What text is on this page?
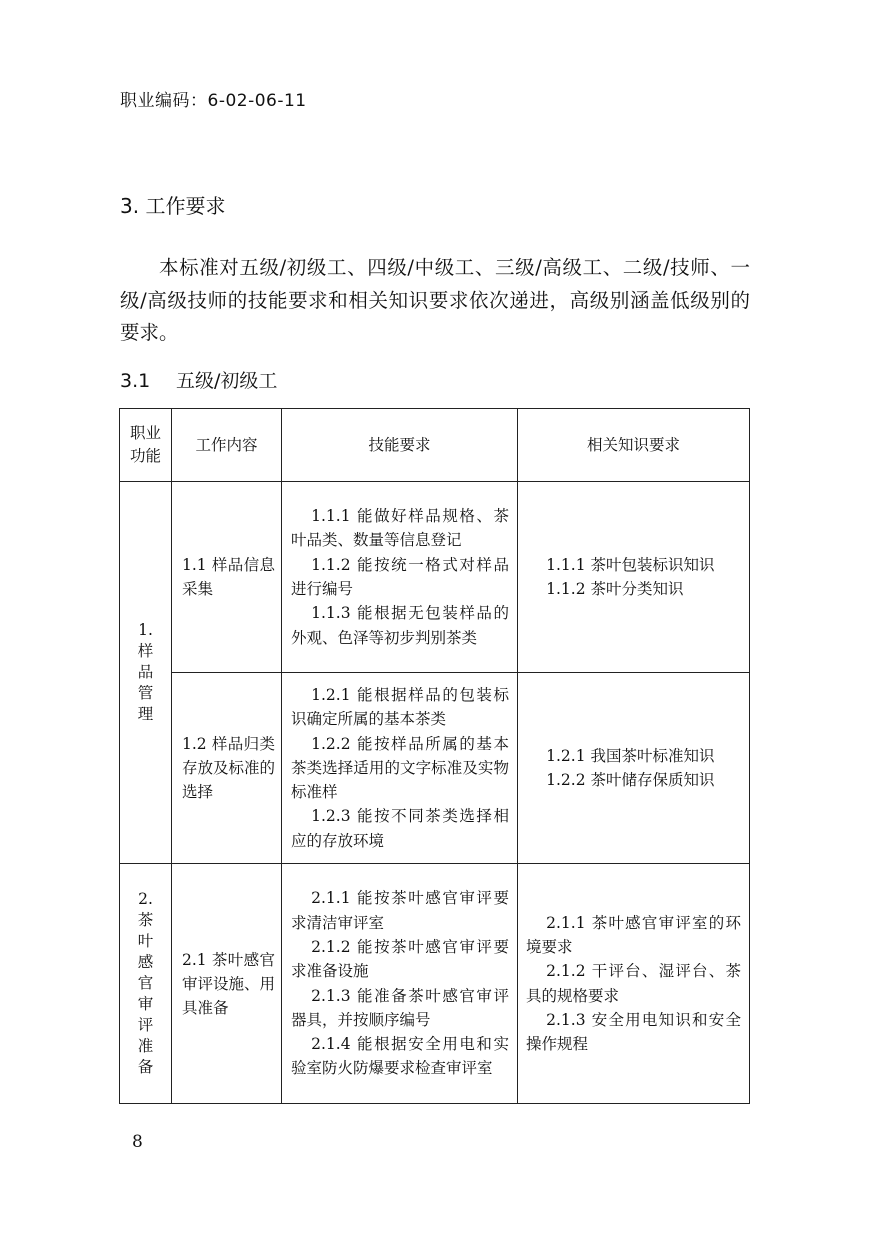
职业编码：6-02-06-11
3. 工作要求

本标准对五级/初级工、四级/中级工、三级/高级工、二级/技师、一级/高级技师的技能要求和相关知识要求依次递进，高级别涵盖低级别的要求。

3.1 五级/初级工
职业功能	工作内容	技能要求	相关知识要求
1.样品管理	1.1 样品信息采集	1.1.1 能做好样品规格、茶叶品类、数量等信息登记
1.1.2 能按统一格式对样品进行编号
1.1.3 能根据无包装样品的外观、色泽等初步判别茶类	1.1.1 茶叶包装标识知识
1.1.2 茶叶分类知识

	1.2 样品归类存放及标准的选择	1.2.1 能根据样品的包装标识确定所属的基本茶类
1.2.2 能按样品所属的基本茶类选择适用的文字标准及实物标准样
1.2.3 能按不同茶类选择相应的存放环境	1.2.1 我国茶叶标准知识
1.2.2 茶叶储存保质知识

2.茶叶感官审评准备	2.1 茶叶感官审评设施、用具准备	2.1.1 能按茶叶感官审评要求清洁审评室
2.1.2 能按茶叶感官审评要求准备设施
2.1.3 能准备茶叶感官审评器具，并按顺序编号
2.1.4 能根据安全用电和实验室防火防爆要求检查审评室	2.1.1 茶叶感官审评室的环境要求
2.1.2 干评台、湿评台、茶具的规格要求
2.1.3 安全用电知识和安全操作规程
8
